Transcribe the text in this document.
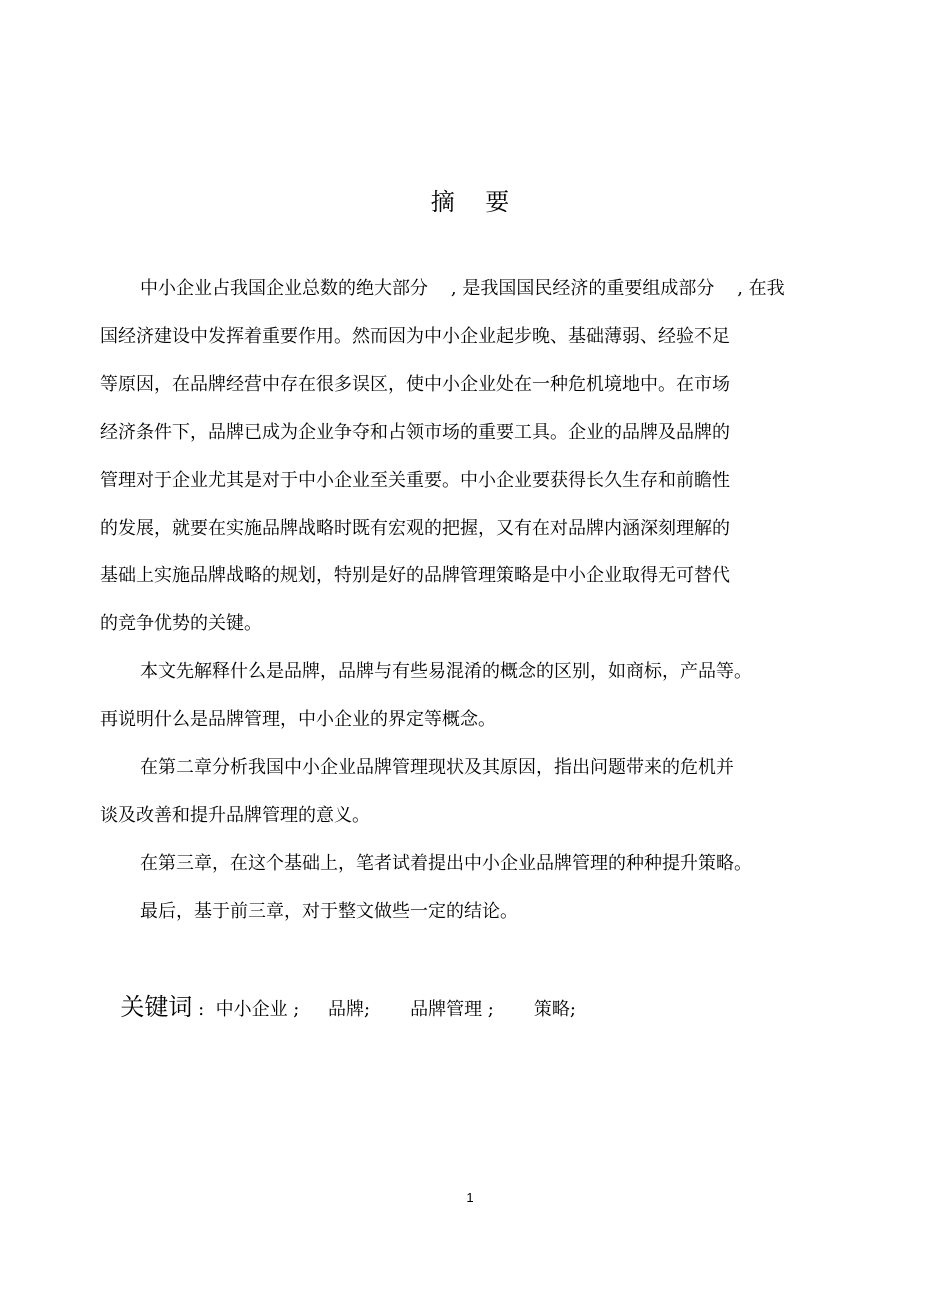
摘    要
中小企业占我国企业总数的绝大部分    , 是我国国民经济的重要组成部分    , 在我
国经济建设中发挥着重要作用。然而因为中小企业起步晚、基础薄弱、经验不足
等原因，在品牌经营中存在很多误区，使中小企业处在一种危机境地中。在市场
经济条件下，品牌已成为企业争夺和占领市场的重要工具。企业的品牌及品牌的
管理对于企业尤其是对于中小企业至关重要。中小企业要获得长久生存和前瞻性
的发展，就要在实施品牌战略时既有宏观的把握，又有在对品牌内涵深刻理解的
基础上实施品牌战略的规划，特别是好的品牌管理策略是中小企业取得无可替代
的竞争优势的关键。
本文先解释什么是品牌，品牌与有些易混淆的概念的区别，如商标，产品等。
再说明什么是品牌管理，中小企业的界定等概念。
在第二章分析我国中小企业品牌管理现状及其原因，指出问题带来的危机并
谈及改善和提升品牌管理的意义。
在第三章，在这个基础上，笔者试着提出中小企业品牌管理的种种提升策略。
最后，基于前三章，对于整文做些一定的结论。

关键词 :  中小企业 ;     品牌;       品牌管理 ;       策略;

1
